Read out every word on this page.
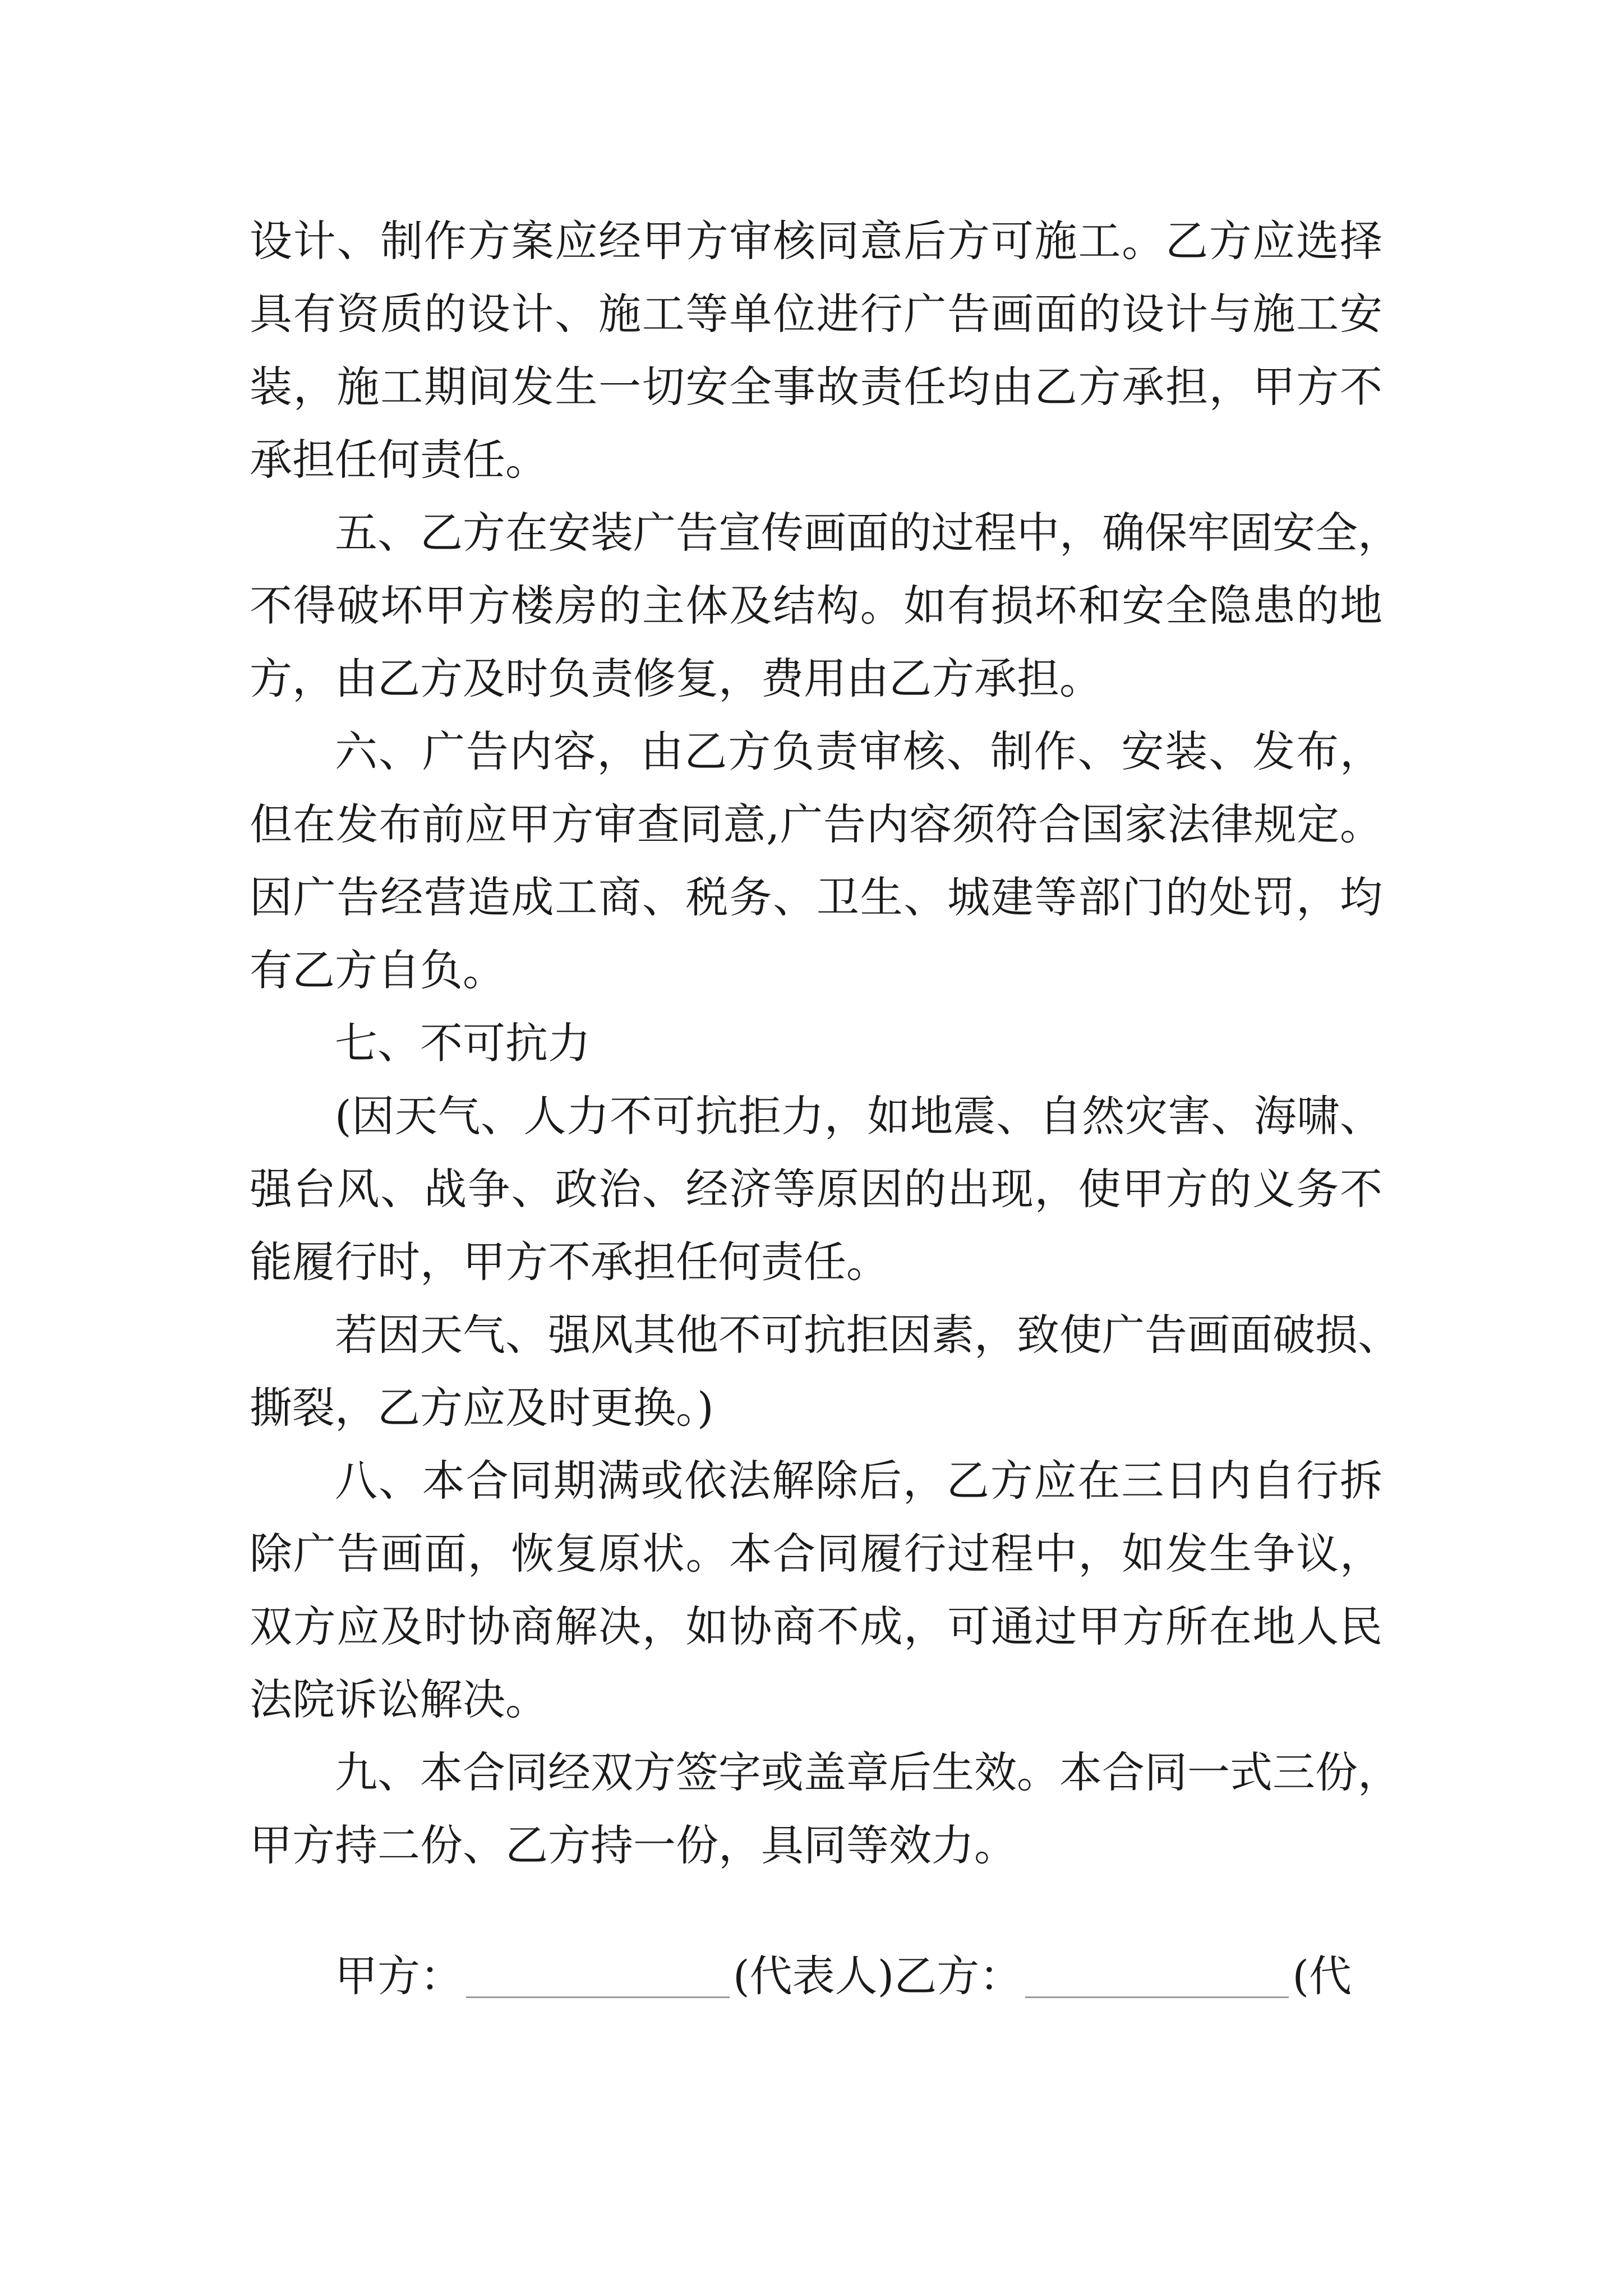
设计、制作方案应经甲方审核同意后方可施工。乙方应选择
具有资质的设计、施工等单位进行广告画面的设计与施工安
装，施工期间发生一切安全事故责任均由乙方承担，甲方不
承担任何责任。
五、乙方在安装广告宣传画面的过程中，确保牢固安全，
不得破坏甲方楼房的主体及结构。如有损坏和安全隐患的地
方，由乙方及时负责修复，费用由乙方承担。
六、广告内容，由乙方负责审核、制作、安装、发布，
但在发布前应甲方审查同意,广告内容须符合国家法律规定。
因广告经营造成工商、税务、卫生、城建等部门的处罚，均
有乙方自负。
七、不可抗力
(因天气、人力不可抗拒力，如地震、自然灾害、海啸、
强台风、战争、政治、经济等原因的出现，使甲方的义务不
能履行时，甲方不承担任何责任。
若因天气、强风其他不可抗拒因素，致使广告画面破损、
撕裂，乙方应及时更换。)
八、本合同期满或依法解除后，乙方应在三日内自行拆
除广告画面，恢复原状。本合同履行过程中，如发生争议，
双方应及时协商解决，如协商不成，可通过甲方所在地人民
法院诉讼解决。
九、本合同经双方签字或盖章后生效。本合同一式三份，
甲方持二份、乙方持一份，具同等效力。
甲方：	(代表人)乙方：	(代
